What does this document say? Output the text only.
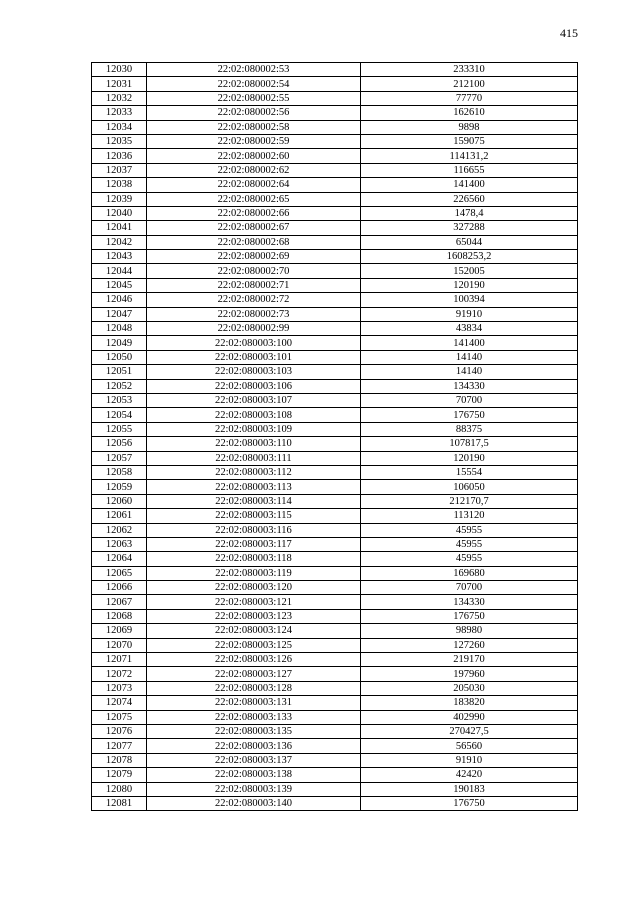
415
12030	22:02:080002:53	233310
12031	22:02:080002:54	212100
12032	22:02:080002:55	77770
12033	22:02:080002:56	162610
12034	22:02:080002:58	9898
12035	22:02:080002:59	159075
12036	22:02:080002:60	114131,2
12037	22:02:080002:62	116655
12038	22:02:080002:64	141400
12039	22:02:080002:65	226560
12040	22:02:080002:66	1478,4
12041	22:02:080002:67	327288
12042	22:02:080002:68	65044
12043	22:02:080002:69	1608253,2
12044	22:02:080002:70	152005
12045	22:02:080002:71	120190
12046	22:02:080002:72	100394
12047	22:02:080002:73	91910
12048	22:02:080002:99	43834
12049	22:02:080003:100	141400
12050	22:02:080003:101	14140
12051	22:02:080003:103	14140
12052	22:02:080003:106	134330
12053	22:02:080003:107	70700
12054	22:02:080003:108	176750
12055	22:02:080003:109	88375
12056	22:02:080003:110	107817,5
12057	22:02:080003:111	120190
12058	22:02:080003:112	15554
12059	22:02:080003:113	106050
12060	22:02:080003:114	212170,7
12061	22:02:080003:115	113120
12062	22:02:080003:116	45955
12063	22:02:080003:117	45955
12064	22:02:080003:118	45955
12065	22:02:080003:119	169680
12066	22:02:080003:120	70700
12067	22:02:080003:121	134330
12068	22:02:080003:123	176750
12069	22:02:080003:124	98980
12070	22:02:080003:125	127260
12071	22:02:080003:126	219170
12072	22:02:080003:127	197960
12073	22:02:080003:128	205030
12074	22:02:080003:131	183820
12075	22:02:080003:133	402990
12076	22:02:080003:135	270427,5
12077	22:02:080003:136	56560
12078	22:02:080003:137	91910
12079	22:02:080003:138	42420
12080	22:02:080003:139	190183
12081	22:02:080003:140	176750
